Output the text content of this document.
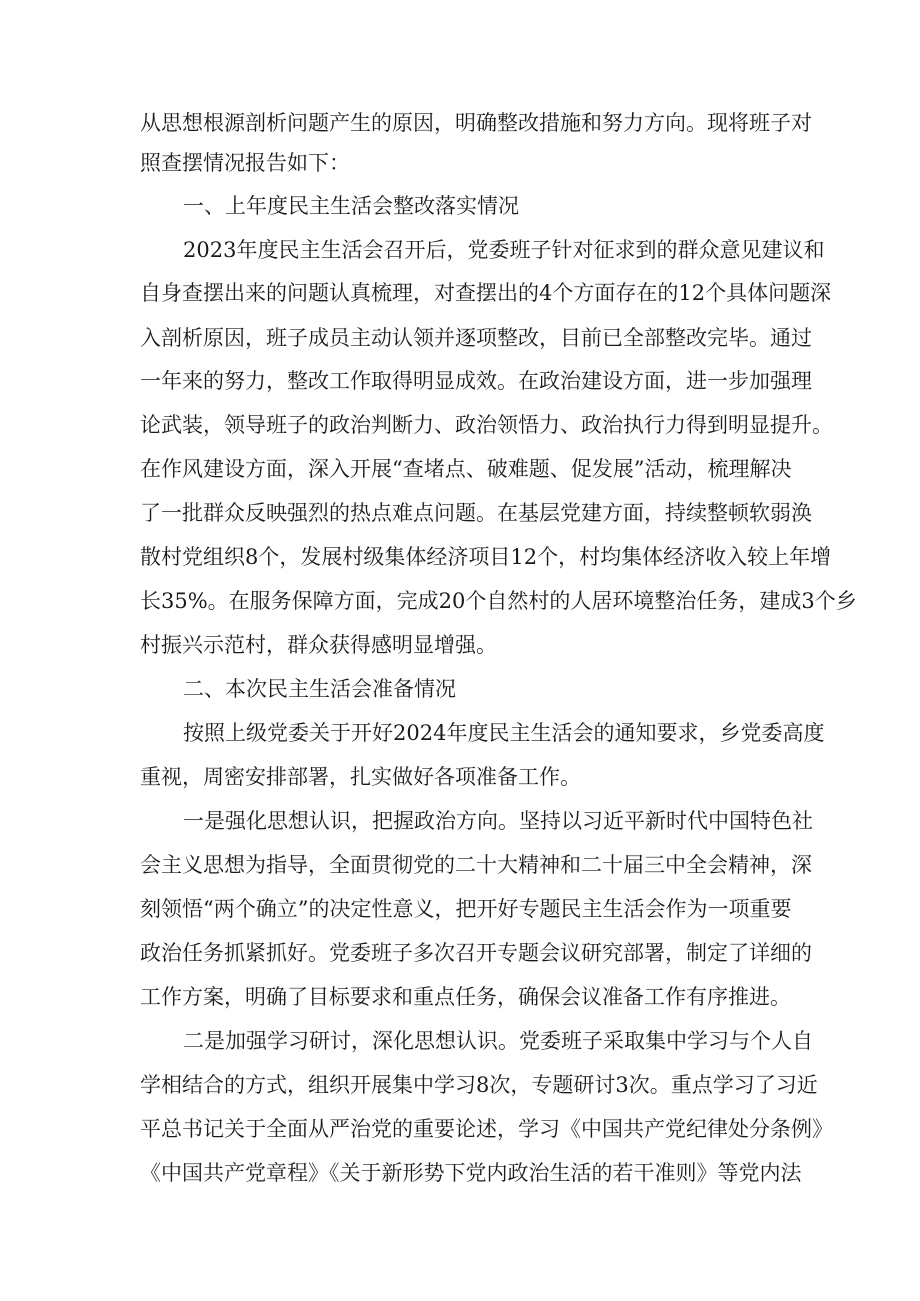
从思想根源剖析问题产生的原因，明确整改措施和努力方向。现将班子对
照查摆情况报告如下：
一、上年度民主生活会整改落实情况
2023年度民主生活会召开后，党委班子针对征求到的群众意见建议和
自身查摆出来的问题认真梳理，对查摆出的4个方面存在的12个具体问题深
入剖析原因，班子成员主动认领并逐项整改，目前已全部整改完毕。通过
一年来的努力，整改工作取得明显成效。在政治建设方面，进一步加强理
论武装，领导班子的政治判断力、政治领悟力、政治执行力得到明显提升。
在作风建设方面，深入开展“查堵点、破难题、促发展”活动，梳理解决
了一批群众反映强烈的热点难点问题。在基层党建方面，持续整顿软弱涣
散村党组织8个，发展村级集体经济项目12个，村均集体经济收入较上年增
长35%。在服务保障方面，完成20个自然村的人居环境整治任务，建成3个乡
村振兴示范村，群众获得感明显增强。
二、本次民主生活会准备情况
按照上级党委关于开好2024年度民主生活会的通知要求，乡党委高度
重视，周密安排部署，扎实做好各项准备工作。
一是强化思想认识，把握政治方向。坚持以习近平新时代中国特色社
会主义思想为指导，全面贯彻党的二十大精神和二十届三中全会精神，深
刻领悟“两个确立”的决定性意义，把开好专题民主生活会作为一项重要
政治任务抓紧抓好。党委班子多次召开专题会议研究部署，制定了详细的
工作方案，明确了目标要求和重点任务，确保会议准备工作有序推进。
二是加强学习研讨，深化思想认识。党委班子采取集中学习与个人自
学相结合的方式，组织开展集中学习8次，专题研讨3次。重点学习了习近
平总书记关于全面从严治党的重要论述，学习《中国共产党纪律处分条例》
《中国共产党章程》《关于新形势下党内政治生活的若干准则》等党内法
